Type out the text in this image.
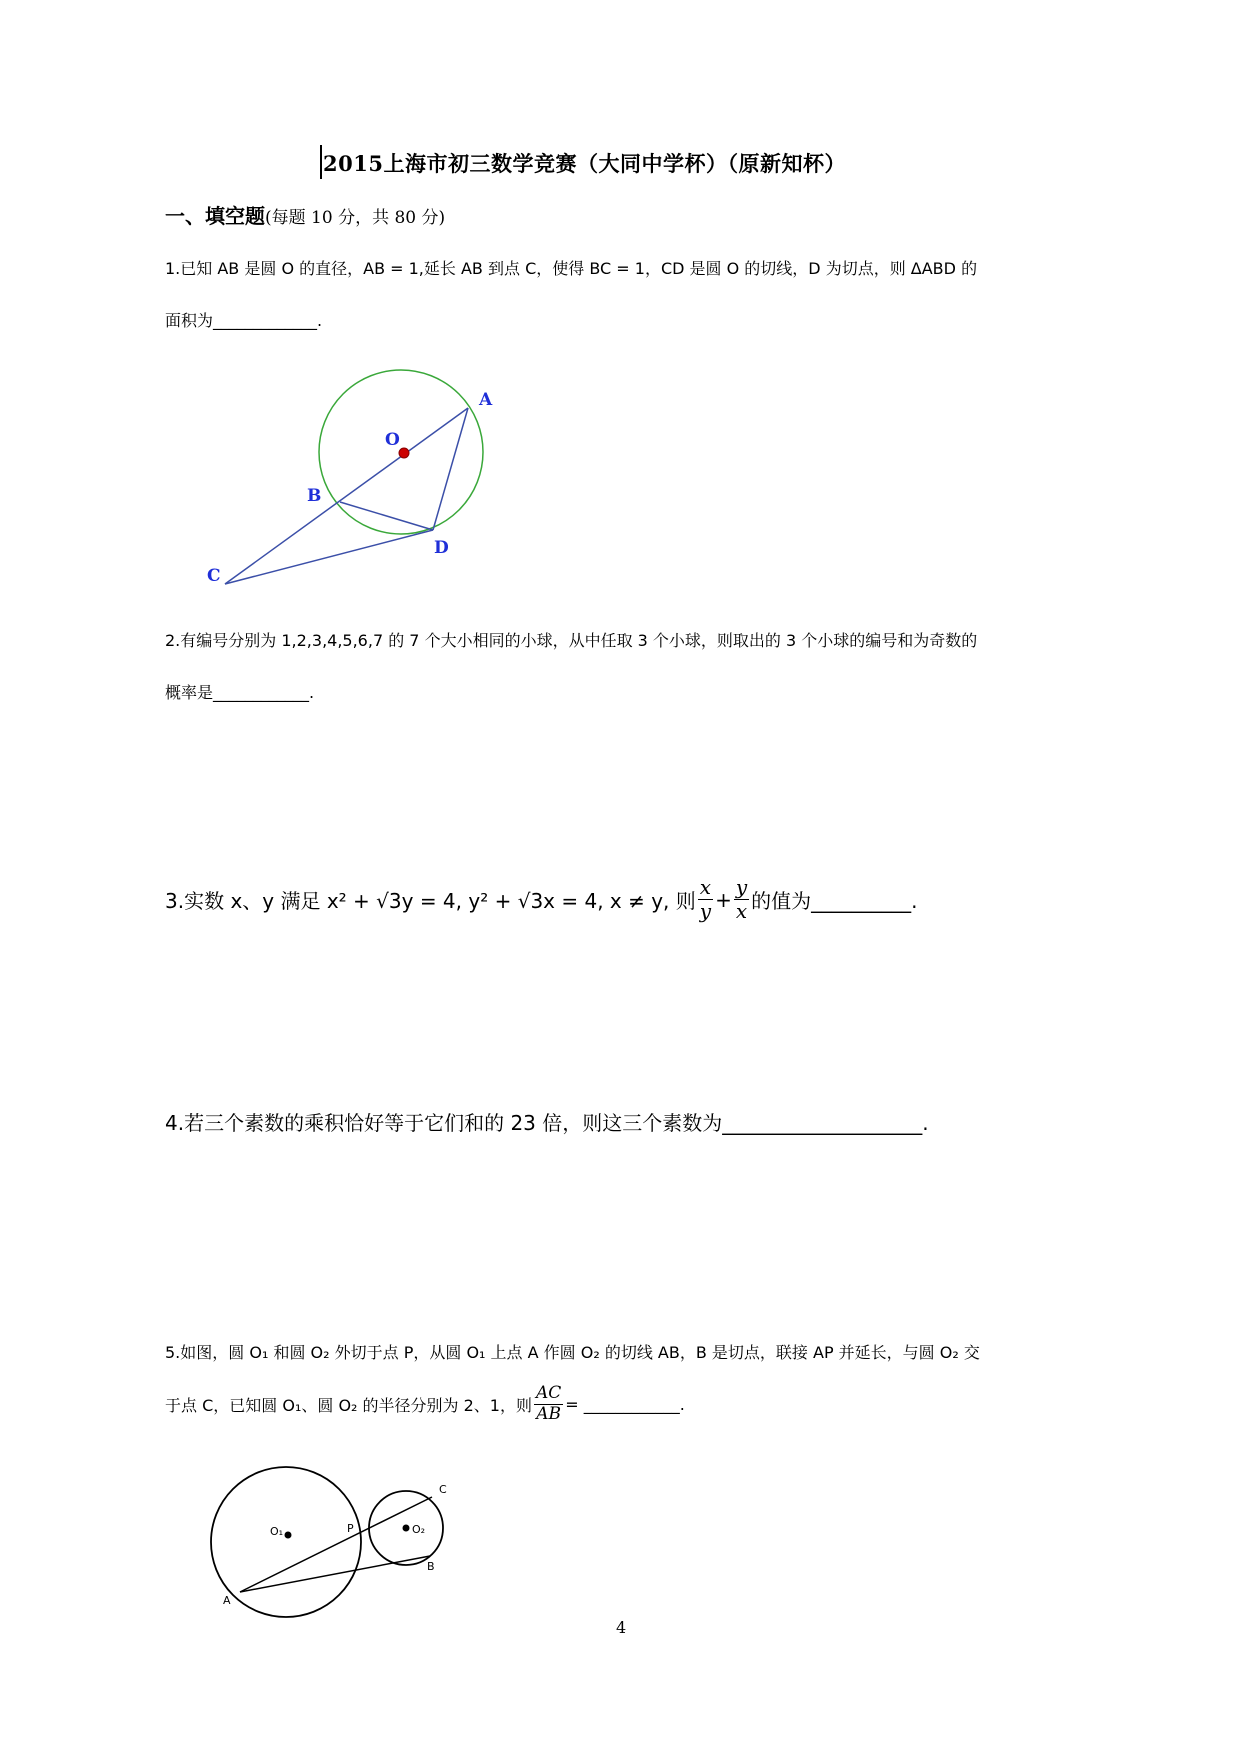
2015上海市初三数学竞赛（大同中学杯）（原新知杯）
一、填空题(每题 10 分，共 80 分)
1.已知 AB 是圆 O 的直径，AB = 1,延长 AB 到点 C，使得 BC = 1，CD 是圆 O 的切线，D 为切点，则 ΔABD 的
面积为_____________.
A
O
B
C
D
2.有编号分别为 1,2,3,4,5,6,7 的 7 个大小相同的小球，从中任取 3 个小球，则取出的 3 个小球的编号和为奇数的
概率是____________.
3.实数 x、y 满足 x² + √3y = 4, y² + √3x = 4, x ≠ y, 则 $\frac{x}{y} + \frac{y}{x}$ 的值为__________.
4.若三个素数的乘积恰好等于它们和的 23 倍，则这三个素数为____________________.
5.如图，圆 O₁ 和圆 O₂ 外切于点 P，从圆 O₁ 上点 A 作圆 O₂ 的切线 AB，B 是切点，联接 AP 并延长，与圆 O₂ 交
于点 C，已知圆 O₁、圆 O₂ 的半径分别为 2、1，则 $\frac{AC}{AB}$ = ____________.
O₁	O₂
P
A
B
C
4
